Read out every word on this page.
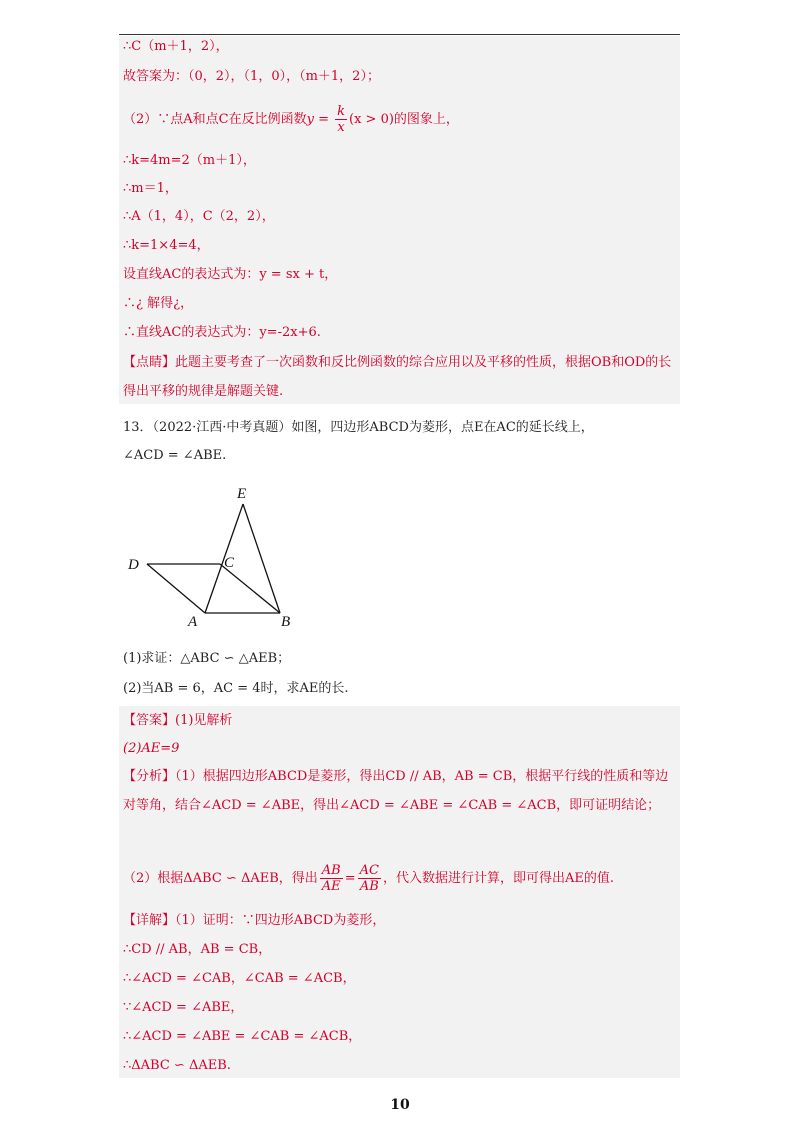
∴C（m＋1，2），
故答案为：（0，2），（1，0），（m＋1，2）；
（2）∵点A和点C在反比例函数$y = \frac{k}{x} (x > 0)$的图象上，
∴k=4m=2（m＋1），
∴m＝1，
∴A（1，4），C（2，2），
∴k=1×4=4，
设直线AC的表达式为：y = sx + t，
∴¿ 解得¿，
∴直线AC的表达式为：y=-2x+6.
【点睛】此题主要考查了一次函数和反比例函数的综合应用以及平移的性质，根据OB和OD的长得出平移的规律是解题关键.
13．（2022·江西·中考真题）如图，四边形ABCD为菱形，点E在AC的延长线上，
∠ACD = ∠ABE.
E
D	C
A	B
(1)求证：△ABC ∽ △AEB；
(2)当AB = 6，AC = 4时，求AE的长.
【答案】(1)见解析
(2)AE=9
【分析】（1）根据四边形ABCD是菱形，得出CD // AB，AB = CB，根据平行线的性质和等边对等角，结合∠ACD = ∠ABE，得出∠ACD = ∠ABE = ∠CAB = ∠ACB，即可证明结论；
（2）根据ΔABC ∽ ΔAEB，得出 $\frac{AB}{AE} = \frac{AC}{AB}$ ，代入数据进行计算，即可得出AE的值.
【详解】（1）证明：∵四边形ABCD为菱形，
∴CD // AB，AB = CB，
∴∠ACD = ∠CAB，∠CAB = ∠ACB，
∵∠ACD = ∠ABE，
∴∠ACD = ∠ABE = ∠CAB = ∠ACB，
∴ΔABC ∽ ΔAEB.
10
